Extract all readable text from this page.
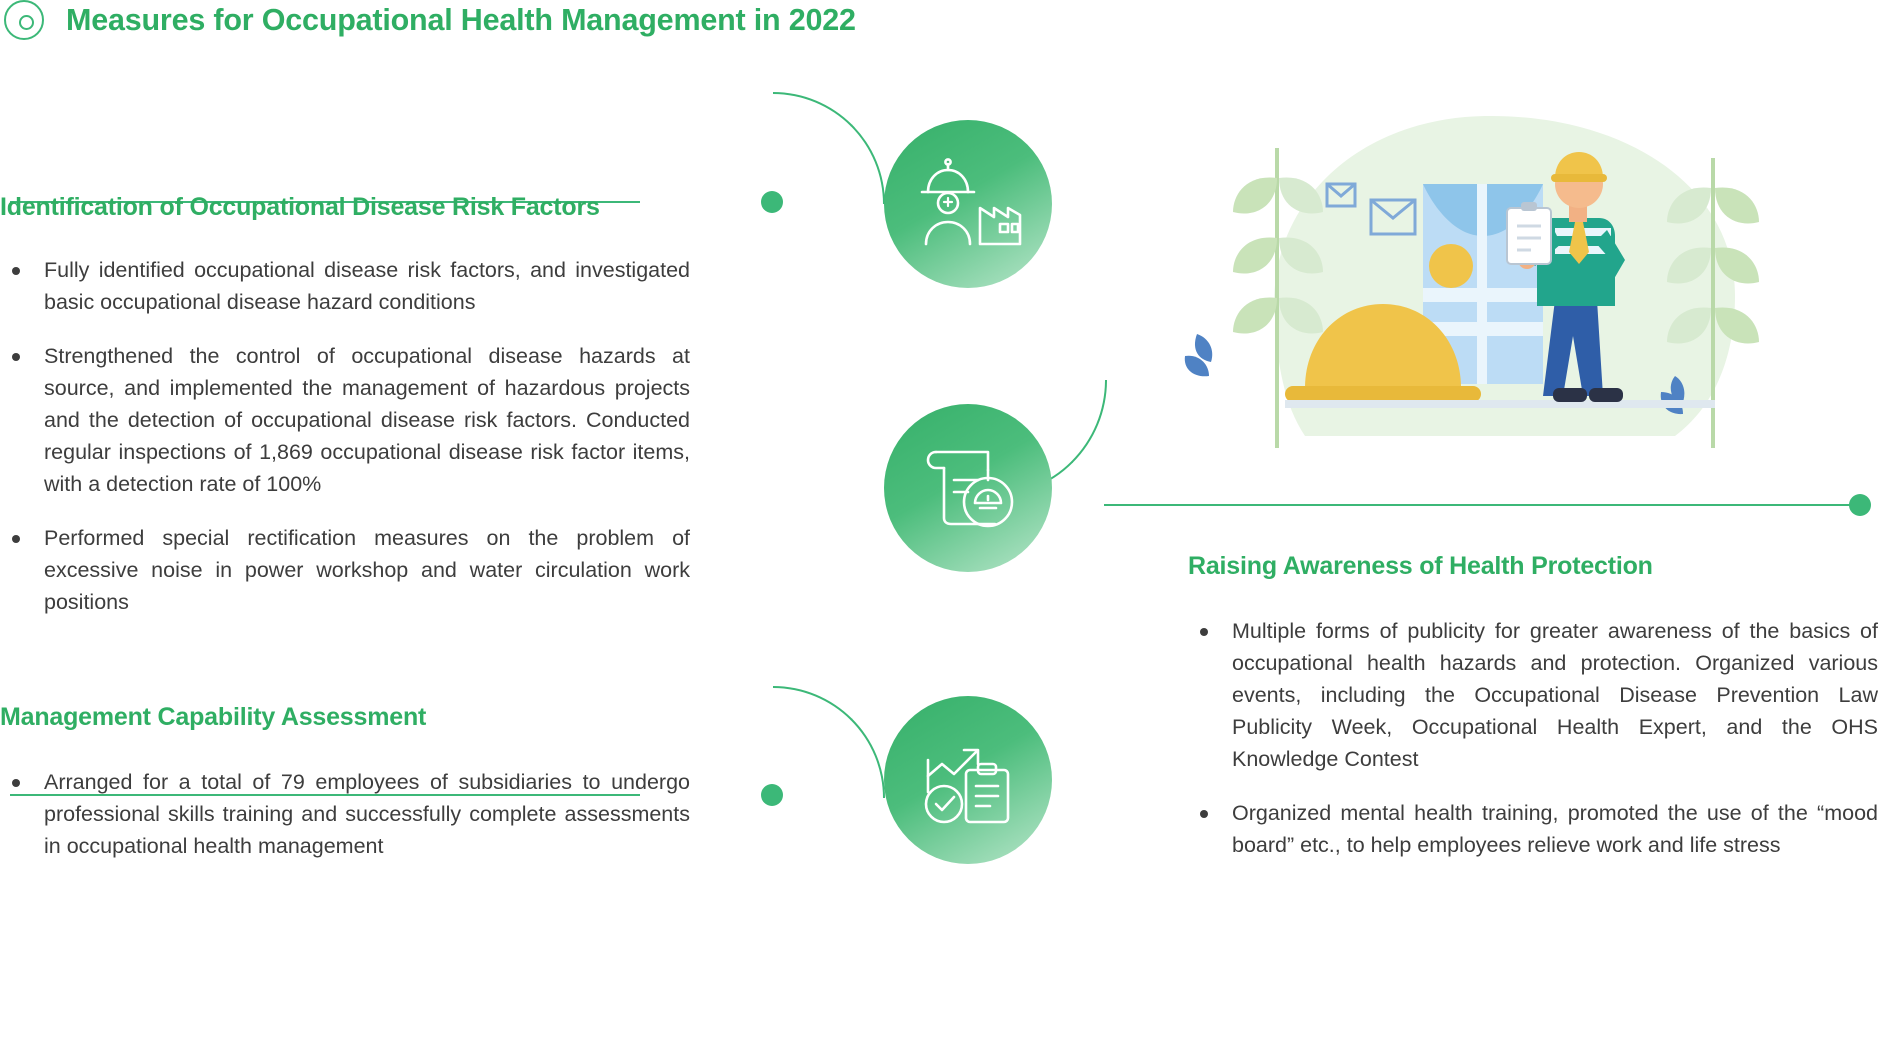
Measures for Occupational Health Management in 2022
Identification of Occupational Disease Risk Factors
Fully identified occupational disease risk factors, and investigated basic occupational disease hazard conditions
Strengthened the control of occupational disease hazards at source, and implemented the management of hazardous projects and the detection of occupational disease risk factors. Conducted regular inspections of 1,869 occupational disease risk factor items, with a detection rate of 100%
Performed special rectification measures on the problem of excessive noise in power workshop and water circulation work positions
Management Capability Assessment
Arranged for a total of 79 employees of subsidiaries to undergo professional skills training and successfully complete assessments in occupational health management
Raising Awareness of Health Protection
Multiple forms of publicity for greater awareness of the basics of occupational health hazards and protection. Organized various events, including the Occupational Disease Prevention Law Publicity Week, Occupational Health Expert, and the OHS Knowledge Contest
Organized mental health training, promoted the use of the “mood board” etc., to help employees relieve work and life stress
